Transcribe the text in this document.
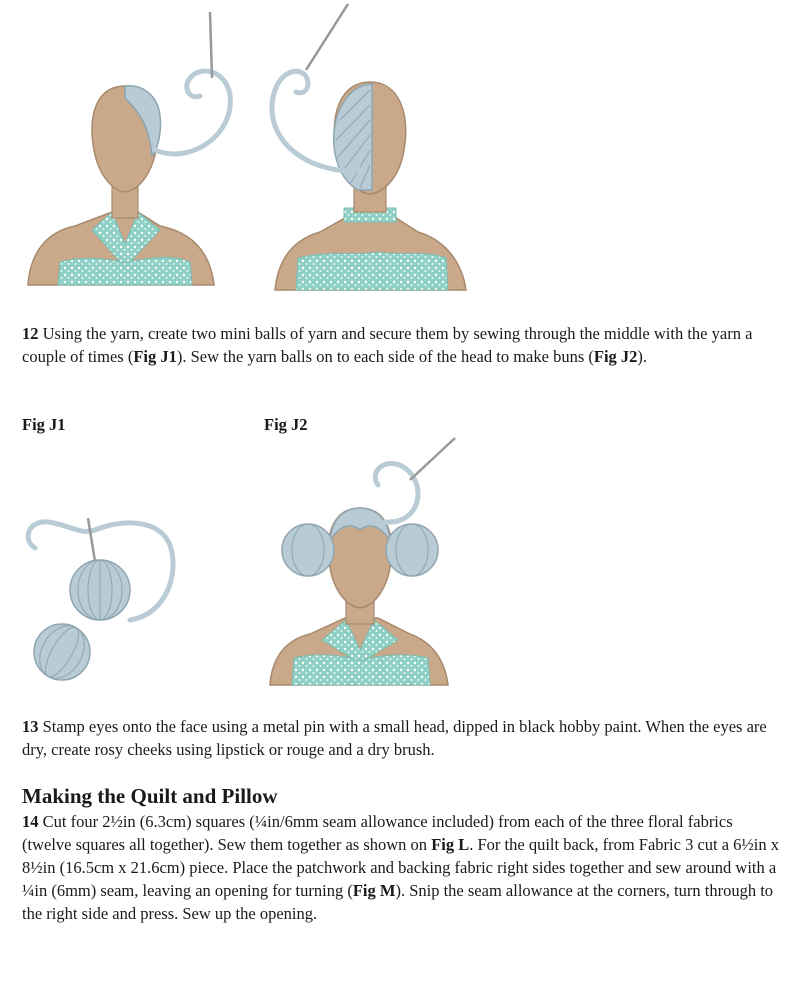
12 Using the yarn, create two mini balls of yarn and secure them by sewing through the middle with the yarn a couple of times (Fig J1). Sew the yarn balls on to each side of the head to make buns (Fig J2).

Fig J1	Fig J2

13 Stamp eyes onto the face using a metal pin with a small head, dipped in black hobby paint. When the eyes are dry, create rosy cheeks using lipstick or rouge and a dry brush.

Making the Quilt and Pillow

14 Cut four 2½in (6.3cm) squares (¼in/6mm seam allowance included) from each of the three floral fabrics (twelve squares all together). Sew them together as shown on Fig L. For the quilt back, from Fabric 3 cut a 6½in x 8½in (16.5cm x 21.6cm) piece. Place the patchwork and backing fabric right sides together and sew around with a ¼in (6mm) seam, leaving an opening for turning (Fig M). Snip the seam allowance at the corners, turn through to the right side and press. Sew up the opening.
